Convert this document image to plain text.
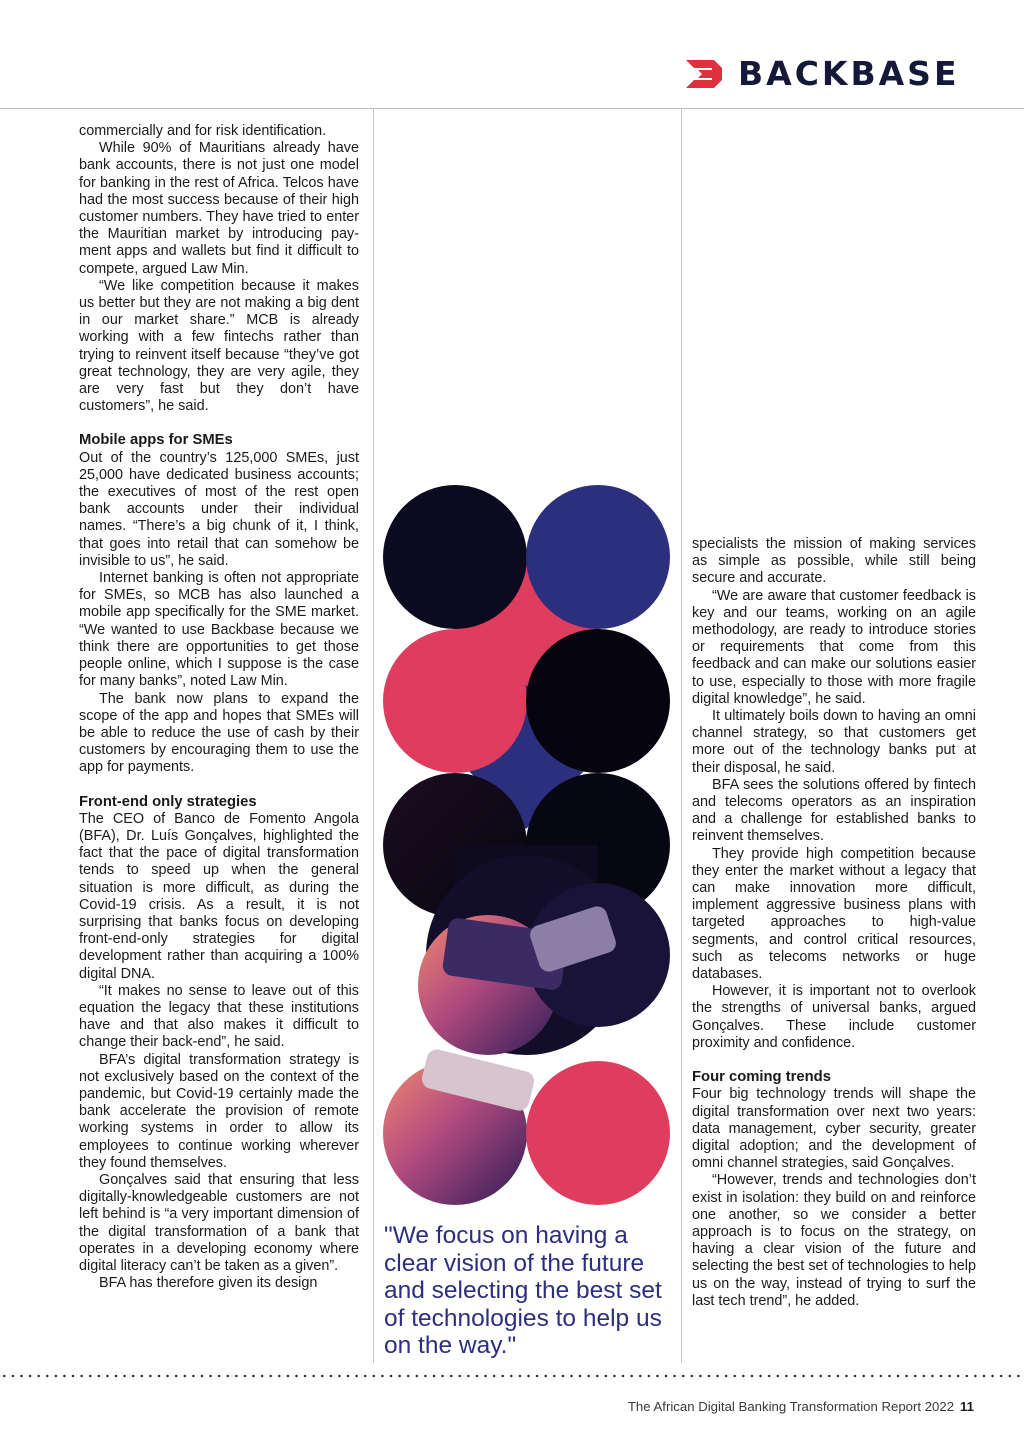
BACKBASE

commercially and for risk identification.

While 90% of Mauritians already have bank accounts, there is not just one model for banking in the rest of Africa. Telcos have had the most success because of their high customer numbers. They have tried to enter the Mauritian market by introducing payment apps and wallets but find it difficult to compete, argued Law Min.

“We like competition because it makes us better but they are not making a big dent in our market share.” MCB is already working with a few fintechs rather than trying to reinvent itself because “they’ve got great technology, they are very agile, they are very fast but they don’t have customers”, he said.

Mobile apps for SMEs

Out of the country’s 125,000 SMEs, just 25,000 have dedicated business accounts; the executives of most of the rest open bank accounts under their individual names. “There’s a big chunk of it, I think, that goes into retail that can somehow be invisible to us”, he said.

Internet banking is often not appropriate for SMEs, so MCB has also launched a mobile app specifically for the SME market. “We wanted to use Backbase because we think there are opportunities to get those people online, which I suppose is the case for many banks”, noted Law Min.

The bank now plans to expand the scope of the app and hopes that SMEs will be able to reduce the use of cash by their customers by encouraging them to use the app for payments.

Front-end only strategies

The CEO of Banco de Fomento Angola (BFA), Dr. Luís Gonçalves, highlighted the fact that the pace of digital transformation tends to speed up when the general situation is more difficult, as during the Covid-19 crisis. As a result, it is not surprising that banks focus on developing front-end-only strategies for digital development rather than acquiring a 100% digital DNA.

“It makes no sense to leave out of this equation the legacy that these institutions have and that also makes it difficult to change their back-end”, he said.

BFA’s digital transformation strategy is not exclusively based on the context of the pandemic, but Covid-19 certainly made the bank accelerate the provision of remote working systems in order to allow its employees to continue working wherever they found themselves.

Gonçalves said that ensuring that less digitally-knowledgeable customers are not left behind is “a very important dimension of the digital transformation of a bank that operates in a developing economy where digital literacy can’t be taken as a given”.

BFA has therefore given its design

"We focus on having a clear vision of the future and selecting the best set of technologies to help us on the way."

specialists the mission of making services as simple as possible, while still being secure and accurate.

“We are aware that customer feedback is key and our teams, working on an agile methodology, are ready to introduce stories or requirements that come from this feedback and can make our solutions easier to use, especially to those with more fragile digital knowledge”, he said.

It ultimately boils down to having an omni channel strategy, so that customers get more out of the technology banks put at their disposal, he said.

BFA sees the solutions offered by fintech and telecoms operators as an inspiration and a challenge for established banks to reinvent themselves.

They provide high competition because they enter the market without a legacy that can make innovation more difficult, implement aggressive business plans with targeted approaches to high-value segments, and control critical resources, such as telecoms networks or huge databases.

However, it is important not to overlook the strengths of universal banks, argued Gonçalves. These include customer proximity and confidence.

Four coming trends

Four big technology trends will shape the digital transformation over next two years: data management, cyber security, greater digital adoption; and the development of omni channel strategies, said Gonçalves.

“However, trends and technologies don’t exist in isolation: they build on and reinforce one another, so we consider a better approach is to focus on the strategy, on having a clear vision of the future and selecting the best set of technologies to help us on the way, instead of trying to surf the last tech trend”, he added.

The African Digital Banking Transformation Report 2022 11
